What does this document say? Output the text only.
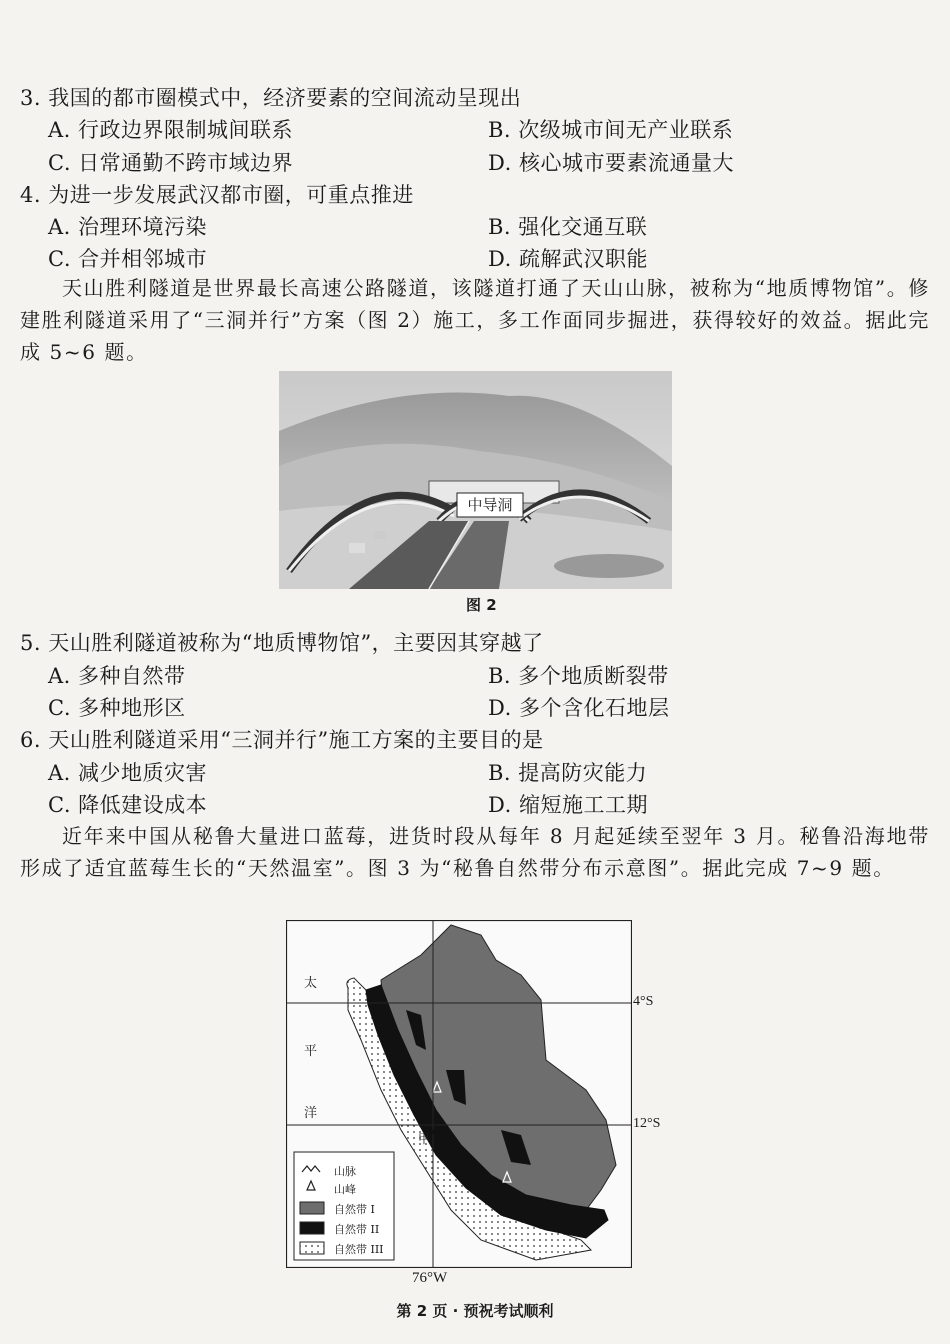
3. 我国的都市圈模式中，经济要素的空间流动呈现出
A. 行政边界限制城间联系	B. 次级城市间无产业联系
C. 日常通勤不跨市域边界	D. 核心城市要素流通量大
4. 为进一步发展武汉都市圈，可重点推进
A. 治理环境污染	B. 强化交通互联
C. 合并相邻城市	D. 疏解武汉职能
天山胜利隧道是世界最长高速公路隧道，该隧道打通了天山山脉，被称为“地质博物馆”。修建胜利隧道采用了“三洞并行”方案（图 2）施工，多工作面同步掘进，获得较好的效益。据此完成 5~6 题。
中导洞
图 2
5. 天山胜利隧道被称为“地质博物馆”，主要因其穿越了
A. 多种自然带	B. 多个地质断裂带
C. 多种地形区	D. 多个含化石地层
6. 天山胜利隧道采用“三洞并行”施工方案的主要目的是
A. 减少地质灾害	B. 提高防灾能力
C. 降低建设成本	D. 缩短施工工期
近年来中国从秘鲁大量进口蓝莓，进货时段从每年 8 月起延续至翌年 3 月。秘鲁沿海地带形成了适宜蓝莓生长的“天然温室”。图 3 为“秘鲁自然带分布示意图”。据此完成 7~9 题。
太
平
洋
4°S
12°S
甲
山脉
山峰
自然带 I
自然带 II
自然带 III
76°W
第 2 页 · 预祝考试顺利
